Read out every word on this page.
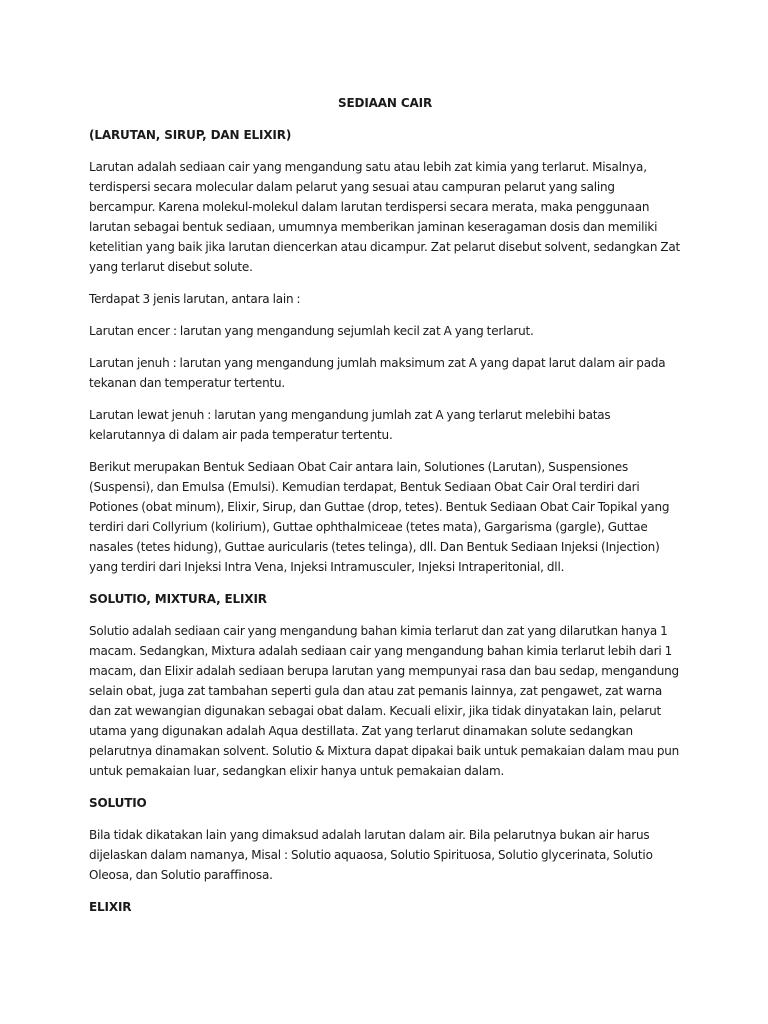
SEDIAAN CAIR

(LARUTAN, SIRUP, DAN ELIXIR)

Larutan adalah sediaan cair yang mengandung satu atau lebih zat kimia yang terlarut. Misalnya, terdispersi secara molecular dalam pelarut yang sesuai atau campuran pelarut yang saling bercampur. Karena molekul-molekul dalam larutan terdispersi secara merata, maka penggunaan larutan sebagai bentuk sediaan, umumnya memberikan jaminan keseragaman dosis dan memiliki ketelitian yang baik jika larutan diencerkan atau dicampur. Zat pelarut disebut solvent, sedangkan Zat yang terlarut disebut solute.

Terdapat 3 jenis larutan, antara lain :

Larutan encer : larutan yang mengandung sejumlah kecil zat A yang terlarut.

Larutan jenuh : larutan yang mengandung jumlah maksimum zat A yang dapat larut dalam air pada tekanan dan temperatur tertentu.

Larutan lewat jenuh : larutan yang mengandung jumlah zat A yang terlarut melebihi batas kelarutannya di dalam air pada temperatur tertentu.

Berikut merupakan Bentuk Sediaan Obat Cair antara lain, Solutiones (Larutan), Suspensiones (Suspensi), dan Emulsa (Emulsi). Kemudian terdapat, Bentuk Sediaan Obat Cair Oral terdiri dari Potiones (obat minum), Elixir, Sirup, dan Guttae (drop, tetes). Bentuk Sediaan Obat Cair Topikal yang terdiri dari Collyrium (kolirium), Guttae ophthalmiceae (tetes mata), Gargarisma (gargle), Guttae nasales (tetes hidung), Guttae auricularis (tetes telinga), dll. Dan Bentuk Sediaan Injeksi (Injection) yang terdiri dari Injeksi Intra Vena, Injeksi Intramusculer, Injeksi Intraperitonial, dll.

SOLUTIO, MIXTURA, ELIXIR

Solutio adalah sediaan cair yang mengandung bahan kimia terlarut dan zat yang dilarutkan hanya 1 macam. Sedangkan, Mixtura adalah sediaan cair yang mengandung bahan kimia terlarut lebih dari 1 macam, dan Elixir adalah sediaan berupa larutan yang mempunyai rasa dan bau sedap, mengandung selain obat, juga zat tambahan seperti gula dan atau zat pemanis lainnya, zat pengawet, zat warna dan zat wewangian digunakan sebagai obat dalam. Kecuali elixir, jika tidak dinyatakan lain, pelarut utama yang digunakan adalah Aqua destillata. Zat yang terlarut dinamakan solute sedangkan pelarutnya dinamakan solvent. Solutio & Mixtura dapat dipakai baik untuk pemakaian dalam mau pun untuk pemakaian luar, sedangkan elixir hanya untuk pemakaian dalam.

SOLUTIO

Bila tidak dikatakan lain yang dimaksud adalah larutan dalam air. Bila pelarutnya bukan air harus dijelaskan dalam namanya, Misal : Solutio aquaosa, Solutio Spirituosa, Solutio glycerinata, Solutio Oleosa, dan Solutio paraffinosa.

ELIXIR
